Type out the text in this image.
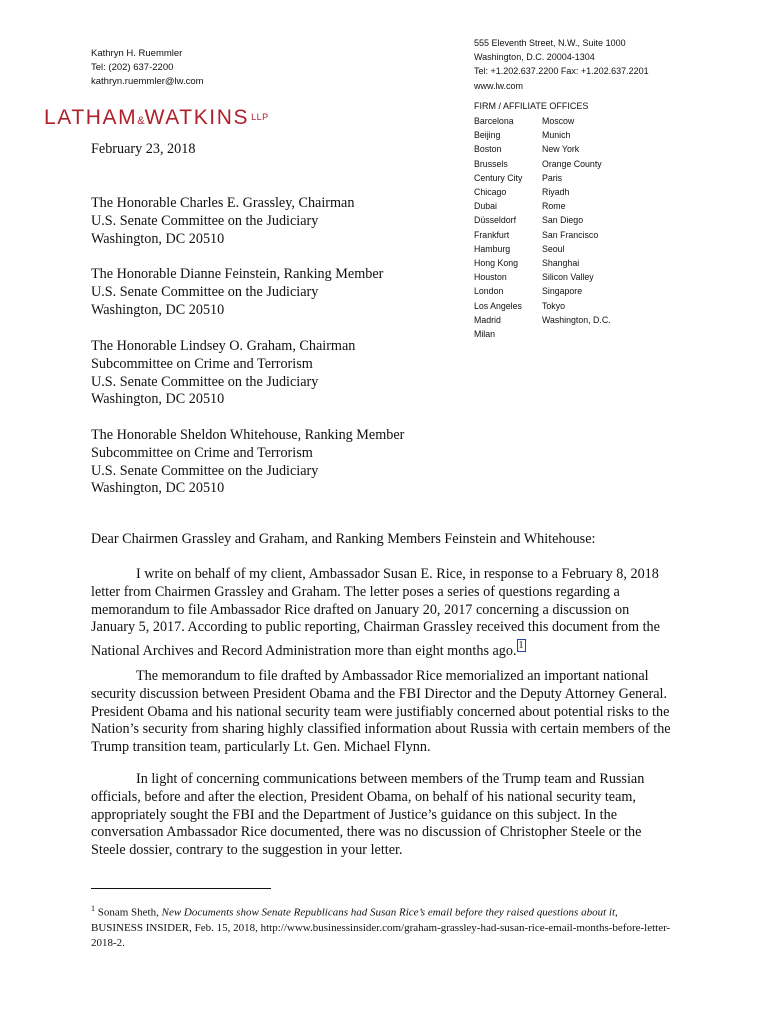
Kathryn H. Ruemmler
Tel: (202) 637-2200
kathryn.ruemmler@lw.com
LATHAM&WATKINS LLP
555 Eleventh Street, N.W., Suite 1000
Washington, D.C. 20004-1304
Tel: +1.202.637.2200 Fax: +1.202.637.2201
www.lw.com
FIRM / AFFILIATE OFFICES
Barcelona	Moscow
Beijing	Munich
Boston	New York
Brussels	Orange County
Century City	Paris
Chicago	Riyadh
Dubai	Rome
Düsseldorf	San Diego
Frankfurt	San Francisco
Hamburg	Seoul
Hong Kong	Shanghai
Houston	Silicon Valley
London	Singapore
Los Angeles	Tokyo
Madrid	Washington, D.C.
Milan
February 23, 2018
The Honorable Charles E. Grassley, Chairman
U.S. Senate Committee on the Judiciary
Washington, DC 20510
The Honorable Dianne Feinstein, Ranking Member
U.S. Senate Committee on the Judiciary
Washington, DC 20510
The Honorable Lindsey O. Graham, Chairman
Subcommittee on Crime and Terrorism
U.S. Senate Committee on the Judiciary
Washington, DC 20510
The Honorable Sheldon Whitehouse, Ranking Member
Subcommittee on Crime and Terrorism
U.S. Senate Committee on the Judiciary
Washington, DC 20510
Dear Chairmen Grassley and Graham, and Ranking Members Feinstein and Whitehouse:
I write on behalf of my client, Ambassador Susan E. Rice, in response to a February 8, 2018 letter from Chairmen Grassley and Graham. The letter poses a series of questions regarding a memorandum to file Ambassador Rice drafted on January 20, 2017 concerning a discussion on January 5, 2017. According to public reporting, Chairman Grassley received this document from the National Archives and Record Administration more than eight months ago. $^1$
The memorandum to file drafted by Ambassador Rice memorialized an important national security discussion between President Obama and the FBI Director and the Deputy Attorney General. President Obama and his national security team were justifiably concerned about potential risks to the Nation’s security from sharing highly classified information about Russia with certain members of the Trump transition team, particularly Lt. Gen. Michael Flynn.
In light of concerning communications between members of the Trump team and Russian officials, before and after the election, President Obama, on behalf of his national security team, appropriately sought the FBI and the Department of Justice’s guidance on this subject. In the conversation Ambassador Rice documented, there was no discussion of Christopher Steele or the Steele dossier, contrary to the suggestion in your letter.
$^1$ Sonam Sheth, New Documents show Senate Republicans had Susan Rice’s email before they raised questions about it, BUSINESS INSIDER, Feb. 15, 2018, http://www.businessinsider.com/graham-grassley-had-susan-rice-email-months-before-letter-2018-2.
